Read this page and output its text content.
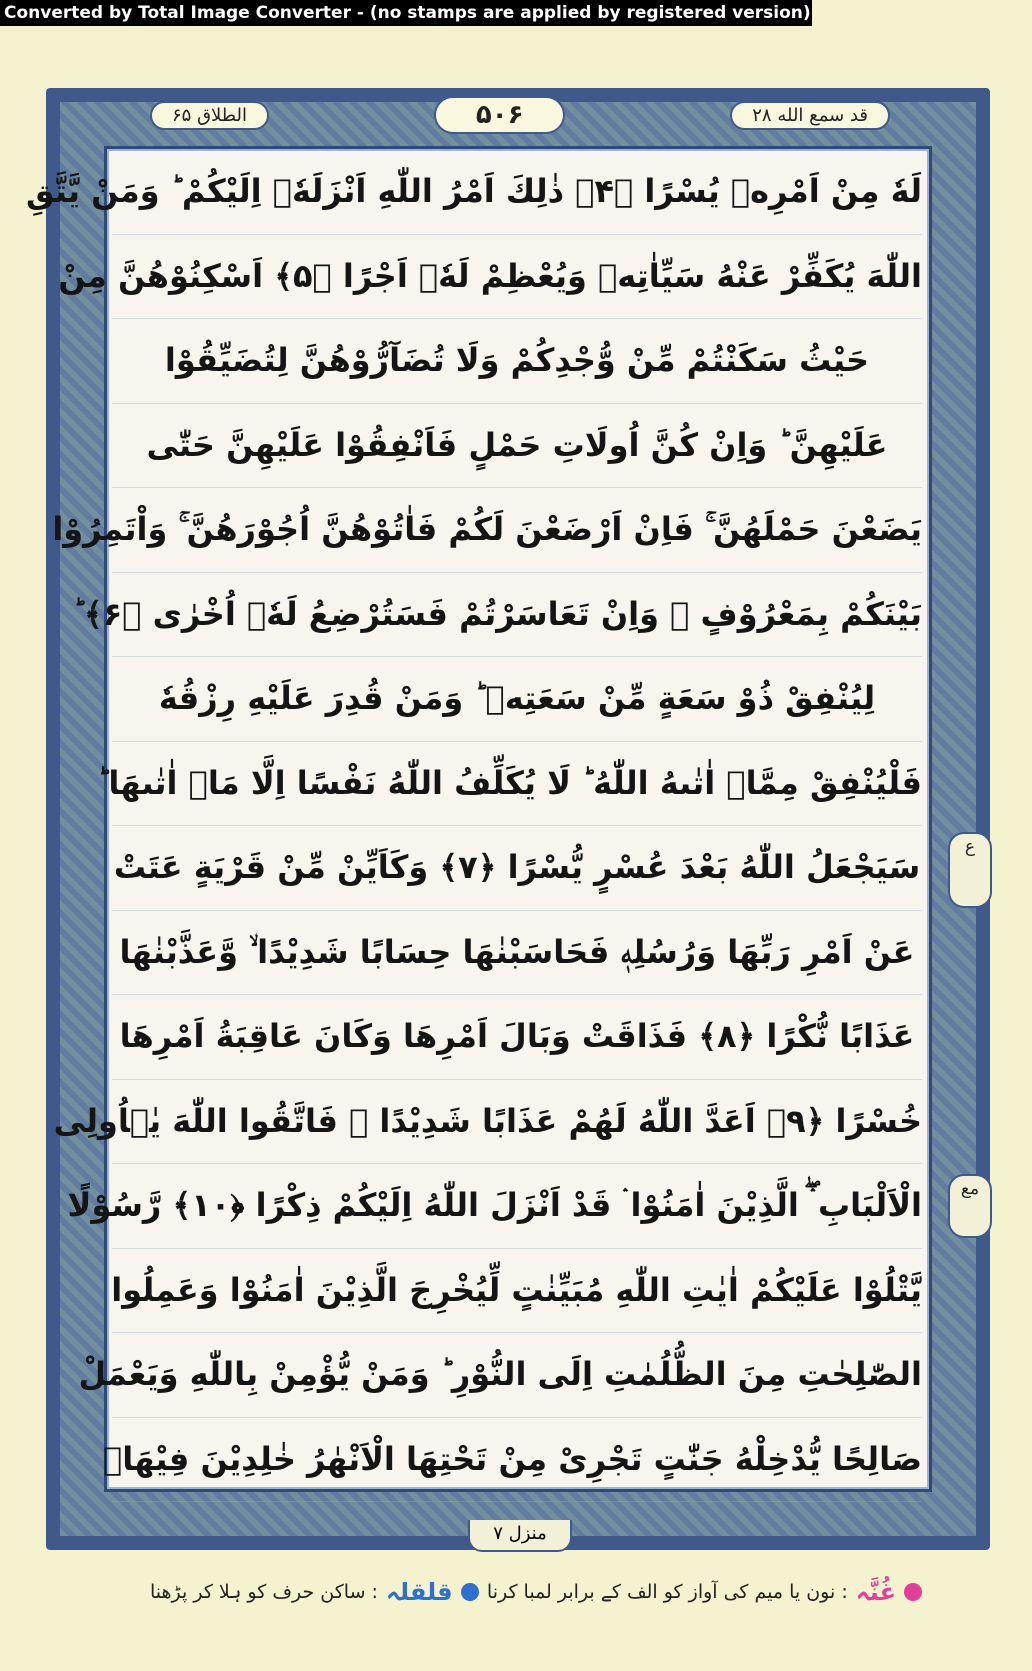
Converted by Total Image Converter - (no stamps are applied by registered version)
قد سمع الله ۲۸
۵۰۶
الطلاق ۶۵
لَهٗ مِنْ اَمْرِهٖ يُسْرًا ﴿۴﴾ ذٰلِكَ اَمْرُ اللّٰهِ اَنْزَلَهٗۤ اِلَيْكُمْ ؕ وَمَنْ يَّتَّقِ
اللّٰهَ يُكَفِّرْ عَنْهُ سَيِّاٰتِهٖ وَيُعْظِمْ لَهٗۤ اَجْرًا ﴿۵﴾ اَسْكِنُوْهُنَّ مِنْ
حَيْثُ سَكَنْتُمْ مِّنْ وُّجْدِكُمْ وَلَا تُضَآرُّوْهُنَّ لِتُضَيِّقُوْا
عَلَيْهِنَّ ؕ وَاِنْ كُنَّ اُولَاتِ حَمْلٍ فَاَنْفِقُوْا عَلَيْهِنَّ حَتّٰى
يَضَعْنَ حَمْلَهُنَّ ۚ فَاِنْ اَرْضَعْنَ لَكُمْ فَاٰتُوْهُنَّ اُجُوْرَهُنَّ ۚ وَاْتَمِرُوْا
بَيْنَكُمْ بِمَعْرُوْفٍ ۚ وَاِنْ تَعَاسَرْتُمْ فَسَتُرْضِعُ لَهٗۤ اُخْرٰى ﴿۶﴾ ؕ
لِيُنْفِقْ ذُوْ سَعَةٍ مِّنْ سَعَتِهٖ ؕ وَمَنْ قُدِرَ عَلَيْهِ رِزْقُهٗ
فَلْيُنْفِقْ مِمَّاۤ اٰتٰىهُ اللّٰهُ ؕ لَا يُكَلِّفُ اللّٰهُ نَفْسًا اِلَّا مَاۤ اٰتٰىهَا ؕ
سَيَجْعَلُ اللّٰهُ بَعْدَ عُسْرٍ يُّسْرًا ﴿۷﴾ وَكَاَيِّنْ مِّنْ قَرْيَةٍ عَتَتْ
عَنْ اَمْرِ رَبِّهَا وَرُسُلِهٖ فَحَاسَبْنٰهَا حِسَابًا شَدِيْدًا ۙ وَّعَذَّبْنٰهَا
عَذَابًا نُّكْرًا ﴿۸﴾ فَذَاقَتْ وَبَالَ اَمْرِهَا وَكَانَ عَاقِبَةُ اَمْرِهَا
خُسْرًا ﴿۹﴾ اَعَدَّ اللّٰهُ لَهُمْ عَذَابًا شَدِيْدًا ۙ فَاتَّقُوا اللّٰهَ يٰۤاُولِى
الْاَلْبَابِ ۛۖ الَّذِيْنَ اٰمَنُوْا ۛ قَدْ اَنْزَلَ اللّٰهُ اِلَيْكُمْ ذِكْرًا ﴿۱۰﴾ رَّسُوْلًا
يَّتْلُوْا عَلَيْكُمْ اٰيٰتِ اللّٰهِ مُبَيِّنٰتٍ لِّيُخْرِجَ الَّذِيْنَ اٰمَنُوْا وَعَمِلُوا
الصّٰلِحٰتِ مِنَ الظُّلُمٰتِ اِلَى النُّوْرِ ؕ وَمَنْ يُّؤْمِنْ بِاللّٰهِ وَيَعْمَلْ
صَالِحًا يُّدْخِلْهُ جَنّٰتٍ تَجْرِىْ مِنْ تَحْتِهَا الْاَنْهٰرُ خٰلِدِيْنَ فِيْهَاۤ
ع
مع
منزل ۷
غُنَّہ
: نون یا میم کی آواز کو الف کے برابر لمبا کرنا
قلقلہ
: ساکن حرف کو ہلا کر پڑھنا
